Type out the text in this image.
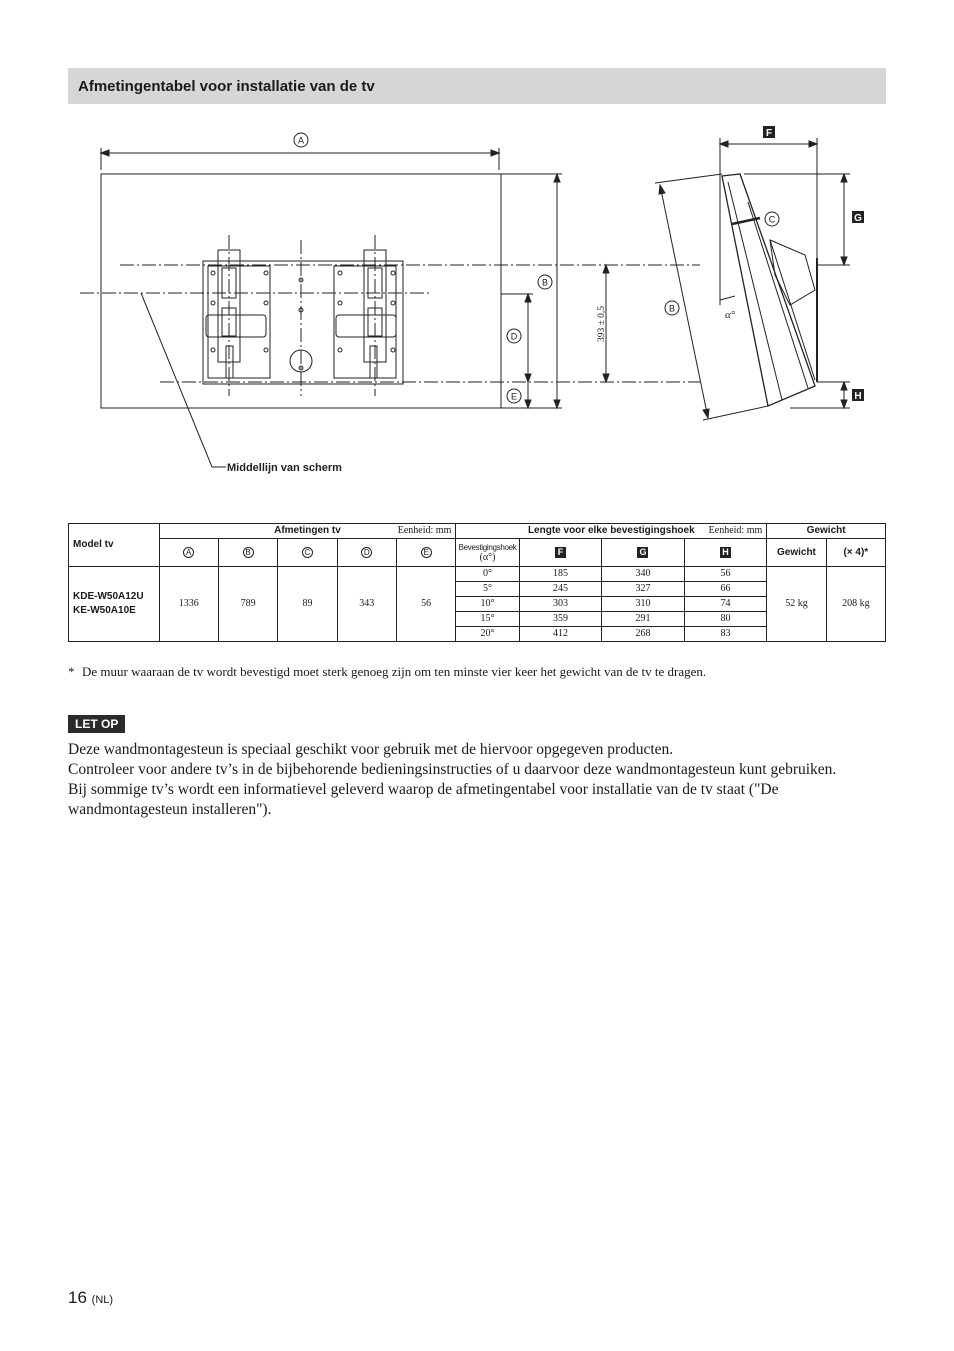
Afmetingentabel voor installatie van de tv
A
Middellijn van scherm
B
D
E
393 ± 0,5	B
C
α°
F
G
H
Model tv	Afmetingen tv Eenheid: mm					Lengte voor elke bevestigingshoek Eenheid: mm				Gewicht	
	A	B	C	D	E	Bevestigingshoek
(α°)	F	G	H	Gewicht	(× 4)*

KDE-W50A12U
KE-W50A10E	1336	789	89	343	56	0°	185	340	56	52 kg	208 kg
						5°	245	327	66		
						10°	303	310	74		
						15°	359	291	80		
						20°	412	268	83		
* De muur waaraan de tv wordt bevestigd moet sterk genoeg zijn om ten minste vier keer het gewicht van de tv te dragen.
LET OP

Deze wandmontagesteun is speciaal geschikt voor gebruik met de hiervoor opgegeven producten.

Controleer voor andere tv’s in de bijbehorende bedieningsinstructies of u daarvoor deze wandmontagesteun kunt gebruiken.

Bij sommige tv’s wordt een informatievel geleverd waarop de afmetingentabel voor installatie van de tv staat ("De wandmontagesteun installeren").

16 (NL)
